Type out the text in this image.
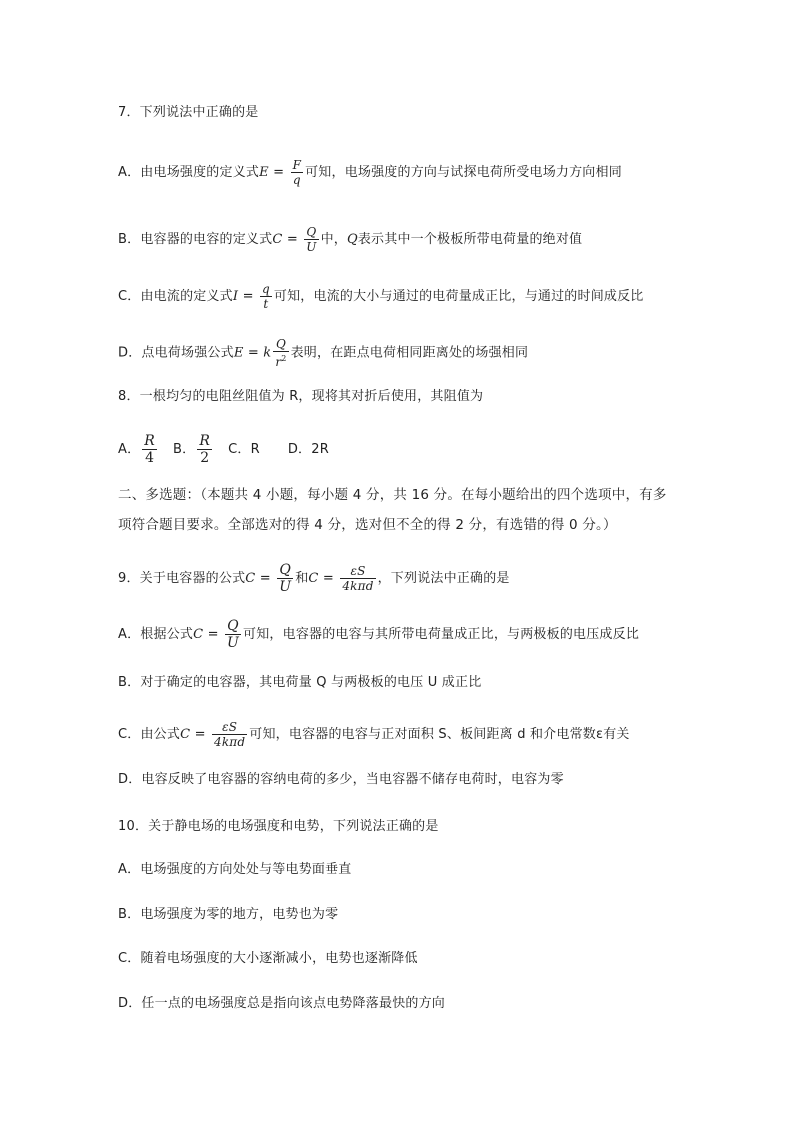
7．下列说法中正确的是
A．由电场强度的定义式$E = \frac{F}{q}$ 可知，电场强度的方向与试探电荷所受电场力方向相同
B．电容器的电容的定义式$C = \frac{Q}{U}$ 中，Q表示其中一个极板所带电荷量的绝对值
C．由电流的定义式$I = \frac{q}{t}$ 可知，电流的大小与通过的电荷量成正比，与通过的时间成反比
D．点电荷场强公式E = k $\frac{Q}{r^2}$ 表明，在距点电荷相同距离处的场强相同
8．一根均匀的电阻丝阻值为 R，现将其对折后使用，其阻值为
A． $\frac{R}{4}$ B． $\frac{R}{2}$ C．R D．2R
二、多选题：（本题共 4 小题，每小题 4 分，共 16 分。在每小题给出的四个选项中，有多
项符合题目要求。全部选对的得 4 分，选对但不全的得 2 分，有选错的得 0 分。）
9．关于电容器的公式$C = \frac{Q}{U}$ 和$C = \frac{\varepsilon S}{\text{4kπd}}$ ，下列说法中正确的是
A．根据公式$C = \frac{Q}{U}$ 可知，电容器的电容与其所带电荷量成正比，与两极板的电压成反比
B．对于确定的电容器，其电荷量 Q 与两极板的电压 U 成正比
C．由公式$C = \frac{\varepsilon S}{\text{4kπd}}$ 可知，电容器的电容与正对面积 S、板间距离 d 和介电常数ε有关
D．电容反映了电容器的容纳电荷的多少，当电容器不储存电荷时，电容为零
10．关于静电场的电场强度和电势，下列说法正确的是
A．电场强度的方向处处与等电势面垂直
B．电场强度为零的地方，电势也为零
C．随着电场强度的大小逐渐减小，电势也逐渐降低
D．任一点的电场强度总是指向该点电势降落最快的方向
